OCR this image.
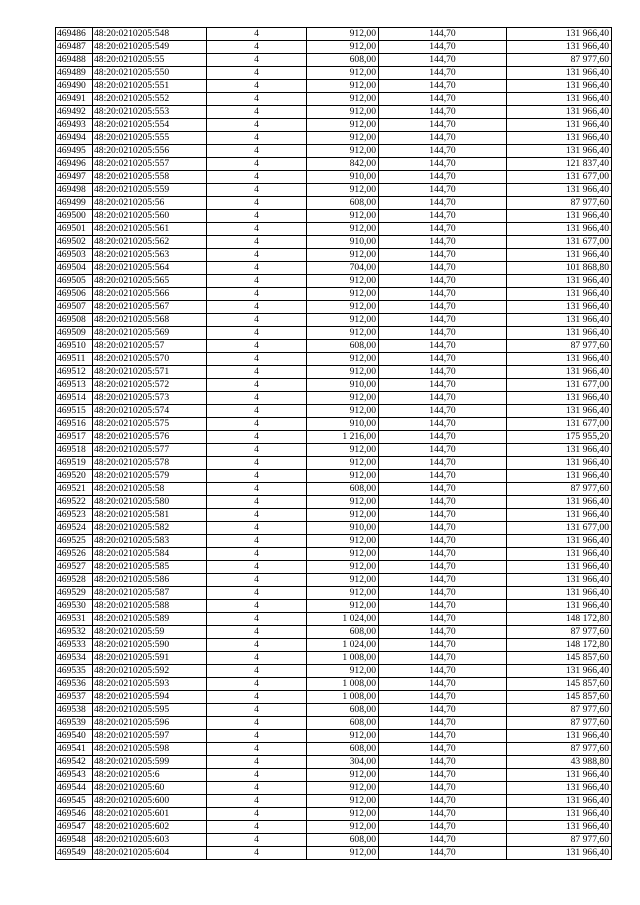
469486	48:20:0210205:548	4	912,00	144,70	131 966,40
469487	48:20:0210205:549	4	912,00	144,70	131 966,40
469488	48:20:0210205:55	4	608,00	144,70	87 977,60
469489	48:20:0210205:550	4	912,00	144,70	131 966,40
469490	48:20:0210205:551	4	912,00	144,70	131 966,40
469491	48:20:0210205:552	4	912,00	144,70	131 966,40
469492	48:20:0210205:553	4	912,00	144,70	131 966,40
469493	48:20:0210205:554	4	912,00	144,70	131 966,40
469494	48:20:0210205:555	4	912,00	144,70	131 966,40
469495	48:20:0210205:556	4	912,00	144,70	131 966,40
469496	48:20:0210205:557	4	842,00	144,70	121 837,40
469497	48:20:0210205:558	4	910,00	144,70	131 677,00
469498	48:20:0210205:559	4	912,00	144,70	131 966,40
469499	48:20:0210205:56	4	608,00	144,70	87 977,60
469500	48:20:0210205:560	4	912,00	144,70	131 966,40
469501	48:20:0210205:561	4	912,00	144,70	131 966,40
469502	48:20:0210205:562	4	910,00	144,70	131 677,00
469503	48:20:0210205:563	4	912,00	144,70	131 966,40
469504	48:20:0210205:564	4	704,00	144,70	101 868,80
469505	48:20:0210205:565	4	912,00	144,70	131 966,40
469506	48:20:0210205:566	4	912,00	144,70	131 966,40
469507	48:20:0210205:567	4	912,00	144,70	131 966,40
469508	48:20:0210205:568	4	912,00	144,70	131 966,40
469509	48:20:0210205:569	4	912,00	144,70	131 966,40
469510	48:20:0210205:57	4	608,00	144,70	87 977,60
469511	48:20:0210205:570	4	912,00	144,70	131 966,40
469512	48:20:0210205:571	4	912,00	144,70	131 966,40
469513	48:20:0210205:572	4	910,00	144,70	131 677,00
469514	48:20:0210205:573	4	912,00	144,70	131 966,40
469515	48:20:0210205:574	4	912,00	144,70	131 966,40
469516	48:20:0210205:575	4	910,00	144,70	131 677,00
469517	48:20:0210205:576	4	1 216,00	144,70	175 955,20
469518	48:20:0210205:577	4	912,00	144,70	131 966,40
469519	48:20:0210205:578	4	912,00	144,70	131 966,40
469520	48:20:0210205:579	4	912,00	144,70	131 966,40
469521	48:20:0210205:58	4	608,00	144,70	87 977,60
469522	48:20:0210205:580	4	912,00	144,70	131 966,40
469523	48:20:0210205:581	4	912,00	144,70	131 966,40
469524	48:20:0210205:582	4	910,00	144,70	131 677,00
469525	48:20:0210205:583	4	912,00	144,70	131 966,40
469526	48:20:0210205:584	4	912,00	144,70	131 966,40
469527	48:20:0210205:585	4	912,00	144,70	131 966,40
469528	48:20:0210205:586	4	912,00	144,70	131 966,40
469529	48:20:0210205:587	4	912,00	144,70	131 966,40
469530	48:20:0210205:588	4	912,00	144,70	131 966,40
469531	48:20:0210205:589	4	1 024,00	144,70	148 172,80
469532	48:20:0210205:59	4	608,00	144,70	87 977,60
469533	48:20:0210205:590	4	1 024,00	144,70	148 172,80
469534	48:20:0210205:591	4	1 008,00	144,70	145 857,60
469535	48:20:0210205:592	4	912,00	144,70	131 966,40
469536	48:20:0210205:593	4	1 008,00	144,70	145 857,60
469537	48:20:0210205:594	4	1 008,00	144,70	145 857,60
469538	48:20:0210205:595	4	608,00	144,70	87 977,60
469539	48:20:0210205:596	4	608,00	144,70	87 977,60
469540	48:20:0210205:597	4	912,00	144,70	131 966,40
469541	48:20:0210205:598	4	608,00	144,70	87 977,60
469542	48:20:0210205:599	4	304,00	144,70	43 988,80
469543	48:20:0210205:6	4	912,00	144,70	131 966,40
469544	48:20:0210205:60	4	912,00	144,70	131 966,40
469545	48:20:0210205:600	4	912,00	144,70	131 966,40
469546	48:20:0210205:601	4	912,00	144,70	131 966,40
469547	48:20:0210205:602	4	912,00	144,70	131 966,40
469548	48:20:0210205:603	4	608,00	144,70	87 977,60
469549	48:20:0210205:604	4	912,00	144,70	131 966,40
